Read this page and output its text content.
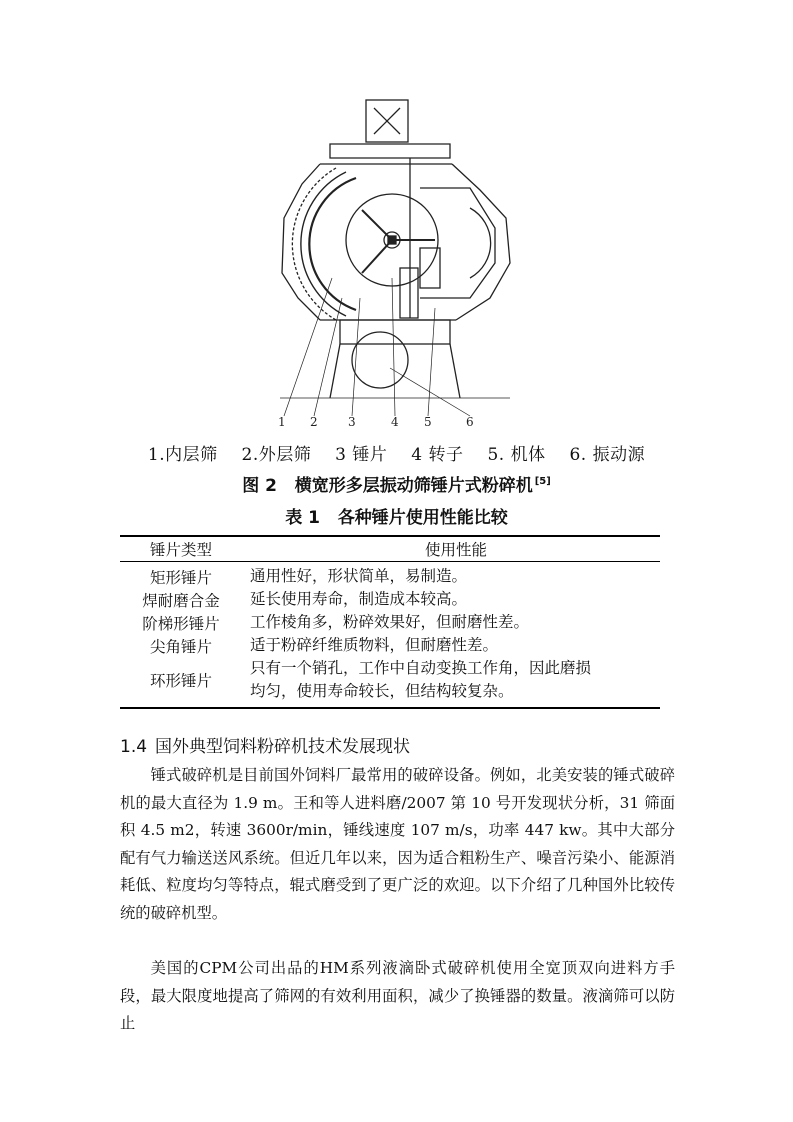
1 2	3	4 5	6
1.内层筛 2.外层筛 3 锤片 4 转子 5. 机体 6. 振动源
图 2 横宽形多层振动筛锤片式粉碎机 [5]
表 1 各种锤片使用性能比较
锤片类型	使用性能
矩形锤片	通用性好，形状简单，易制造。
焊耐磨合金	延长使用寿命，制造成本较高。
阶梯形锤片	工作棱角多，粉碎效果好，但耐磨性差。
尖角锤片	适于粉碎纤维质物料，但耐磨性差。
环形锤片	只有一个销孔，工作中自动变换工作角，因此磨损
均匀，使用寿命较长，但结构较复杂。
1.4 国外典型饲料粉碎机技术发展现状

锤式破碎机是目前国外饲料厂最常用的破碎设备。例如，北美安装的锤式破碎机的最大直径为 1.9 m。王和等人进料磨/2007 第 10 号开发现状分析，31 筛面积 4.5 m2，转速 3600r/min，锤线速度 107 m/s，功率 447 kw。其中大部分配有气力输送送风系统。但近几年以来，因为适合粗粉生产、噪音污染小、能源消耗低、粒度均匀等特点，辊式磨受到了更广泛的欢迎。以下介绍了几种国外比较传统的破碎机型。

美国的CPM公司出品的HM系列液滴卧式破碎机使用全宽顶双向进料方手段，最大限度地提高了筛网的有效利用面积，减少了换锤器的数量。液滴筛可以防止
